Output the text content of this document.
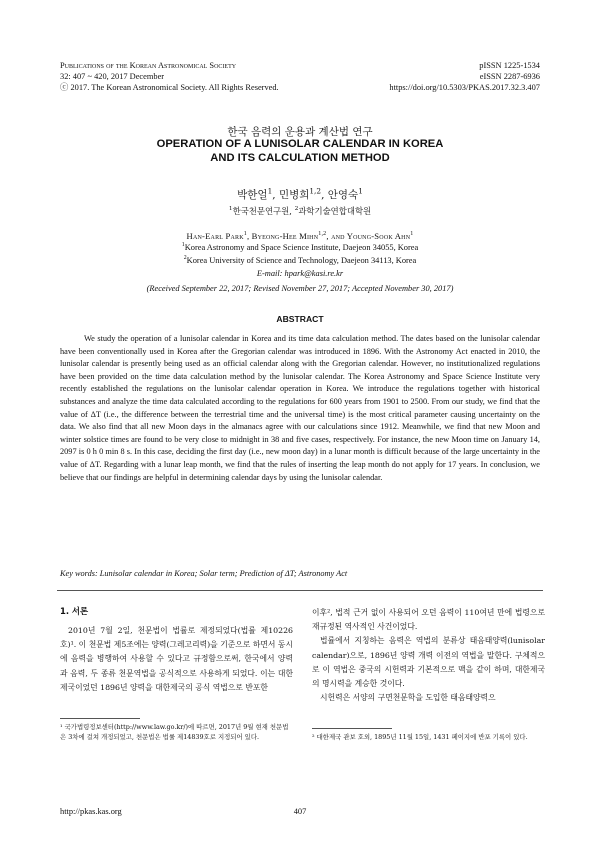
Publications of the Korean Astronomical Society	pISSN 1225-1534
32: 407 ~ 420, 2017 December	eISSN 2287-6936
ⓒ 2017. The Korean Astronomical Society. All Rights Reserved.	https://doi.org/10.5303/PKAS.2017.32.3.407
한국 음력의 운용과 계산법 연구
OPERATION OF A LUNISOLAR CALENDAR IN KOREA
AND ITS CALCULATION METHOD
박한얼$^1$, 민병희$^{1,2}$, 안영숙$^1$
$^1$한국천문연구원, $^2$과학기술연합대학원
Han-Earl Park$^1$, Byeong-Hee Mihn$^{1,2}$, and Young-Sook Ahn$^1$
$^1$Korea Astronomy and Space Science Institute, Daejeon 34055, Korea
$^2$Korea University of Science and Technology, Daejeon 34113, Korea
E-mail: hpark@kasi.re.kr
(Received September 22, 2017; Revised November 27, 2017; Accepted November 30, 2017)
ABSTRACT

We study the operation of a lunisolar calendar in Korea and its time data calculation method. The dates based on the lunisolar calendar have been conventionally used in Korea after the Gregorian calendar was introduced in 1896. With the Astronomy Act enacted in 2010, the lunisolar calendar is presently being used as an official calendar along with the Gregorian calendar. However, no institutionalized regulations have been provided on the time data calculation method by the lunisolar calendar. The Korea Astronomy and Space Science Institute very recently established the regulations on the lunisolar calendar operation in Korea. We introduce the regulations together with historical substances and analyze the time data calculated according to the regulations for 600 years from 1901 to 2500. From our study, we find that the value of ΔT (i.e., the difference between the terrestrial time and the universal time) is the most critical parameter causing uncertainty on the data. We also find that all new Moon days in the almanacs agree with our calculations since 1912. Meanwhile, we find that new Moon and winter solstice times are found to be very close to midnight in 38 and five cases, respectively. For instance, the new Moon time on January 14, 2097 is 0 h 0 min 8 s. In this case, deciding the first day (i.e., new moon day) in a lunar month is difficult because of the large uncertainty in the value of ΔT. Regarding with a lunar leap month, we find that the rules of inserting the leap month do not apply for 17 years. In conclusion, we believe that our findings are helpful in determining calendar days by using the lunisolar calendar.

Key words: Lunisolar calendar in Korea; Solar term; Prediction of ΔT; Astronomy Act
1. 서론

2010년 7월 2일, 천문법이 법률로 제정되었다(법률 제10226호)¹. 이 천문법 제5조에는 양력(그레고리력)을 기준으로 하면서 동시에 음력을 병행하여 사용할 수 있다고 규정함으로써, 한국에서 양력과 음력, 두 종류 천문역법을 공식적으로 사용하게 되었다. 이는 대한제국이었던 1896년 양력을 대한제국의 공식 역법으로 반포한

¹ 국가법령정보센터(http://www.law.go.kr/)에 따르면, 2017년 9월 현재 천문법은 3차에 걸쳐 개정되었고, 천문법은 법률 제14839호로 지정되어 있다.

이후², 법적 근거 없이 사용되어 오던 음력이 110여년 만에 법령으로 재규정된 역사적인 사건이었다.

법률에서 지칭하는 음력은 역법의 분류상 태음태양력(lunisolar calendar)으로, 1896년 양력 개력 이전의 역법을 말한다. 구체적으로 이 역법은 중국의 시헌력과 기본적으로 맥을 같이 하며, 대한제국의 명시력을 계승한 것이다.

시헌력은 서양의 구면천문학을 도입한 태음태양력으

² 대한제국 관보 호외, 1895년 11월 15일, 1431 페이지에 반포 기록이 있다.
http://pkas.kas.org	407
